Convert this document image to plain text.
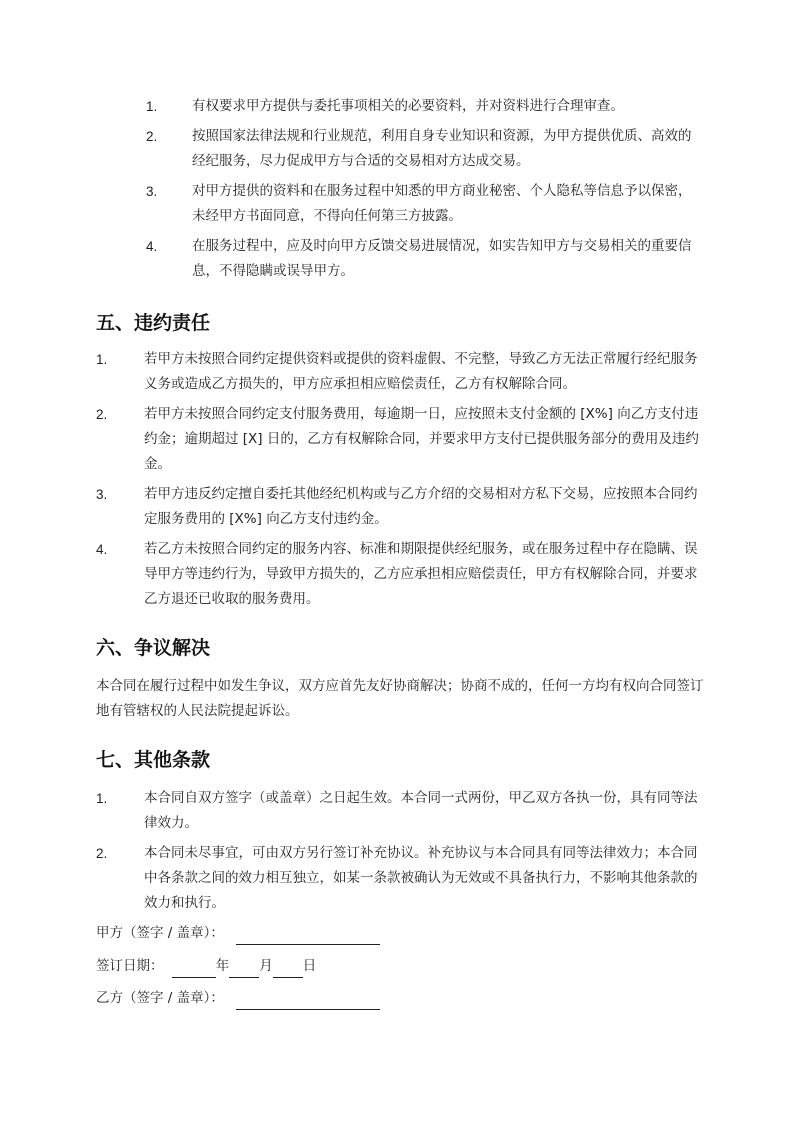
1.	有权要求甲方提供与委托事项相关的必要资料，并对资料进行合理审查。
2.	按照国家法律法规和行业规范，利用自身专业知识和资源，为甲方提供优质、高效的经纪服务，尽力促成甲方与合适的交易相对方达成交易。
3.	对甲方提供的资料和在服务过程中知悉的甲方商业秘密、个人隐私等信息予以保密，未经甲方书面同意，不得向任何第三方披露。
4.	在服务过程中，应及时向甲方反馈交易进展情况，如实告知甲方与交易相关的重要信息，不得隐瞒或误导甲方。
五、违约责任
1.	若甲方未按照合同约定提供资料或提供的资料虚假、不完整，导致乙方无法正常履行经纪服务义务或造成乙方损失的，甲方应承担相应赔偿责任，乙方有权解除合同。
2.	若甲方未按照合同约定支付服务费用，每逾期一日，应按照未支付金额的 [X%] 向乙方支付违约金；逾期超过 [X] 日的，乙方有权解除合同，并要求甲方支付已提供服务部分的费用及违约金。
3.	若甲方违反约定擅自委托其他经纪机构或与乙方介绍的交易相对方私下交易，应按照本合同约定服务费用的 [X%] 向乙方支付违约金。
4.	若乙方未按照合同约定的服务内容、标准和期限提供经纪服务，或在服务过程中存在隐瞒、误导甲方等违约行为，导致甲方损失的，乙方应承担相应赔偿责任，甲方有权解除合同，并要求乙方退还已收取的服务费用。
六、争议解决

本合同在履行过程中如发生争议，双方应首先友好协商解决；协商不成的，任何一方均有权向合同签订地有管辖权的人民法院提起诉讼。

七、其他条款
1.	本合同自双方签字（或盖章）之日起生效。本合同一式两份，甲乙双方各执一份，具有同等法律效力。
2.	本合同未尽事宜，可由双方另行签订补充协议。补充协议与本合同具有同等法律效力；本合同中各条款之间的效力相互独立，如某一条款被确认为无效或不具备执行力，不影响其他条款的效力和执行。
甲方（签字 / 盖章）：
签订日期：	年 月 日
乙方（签字 / 盖章）：
